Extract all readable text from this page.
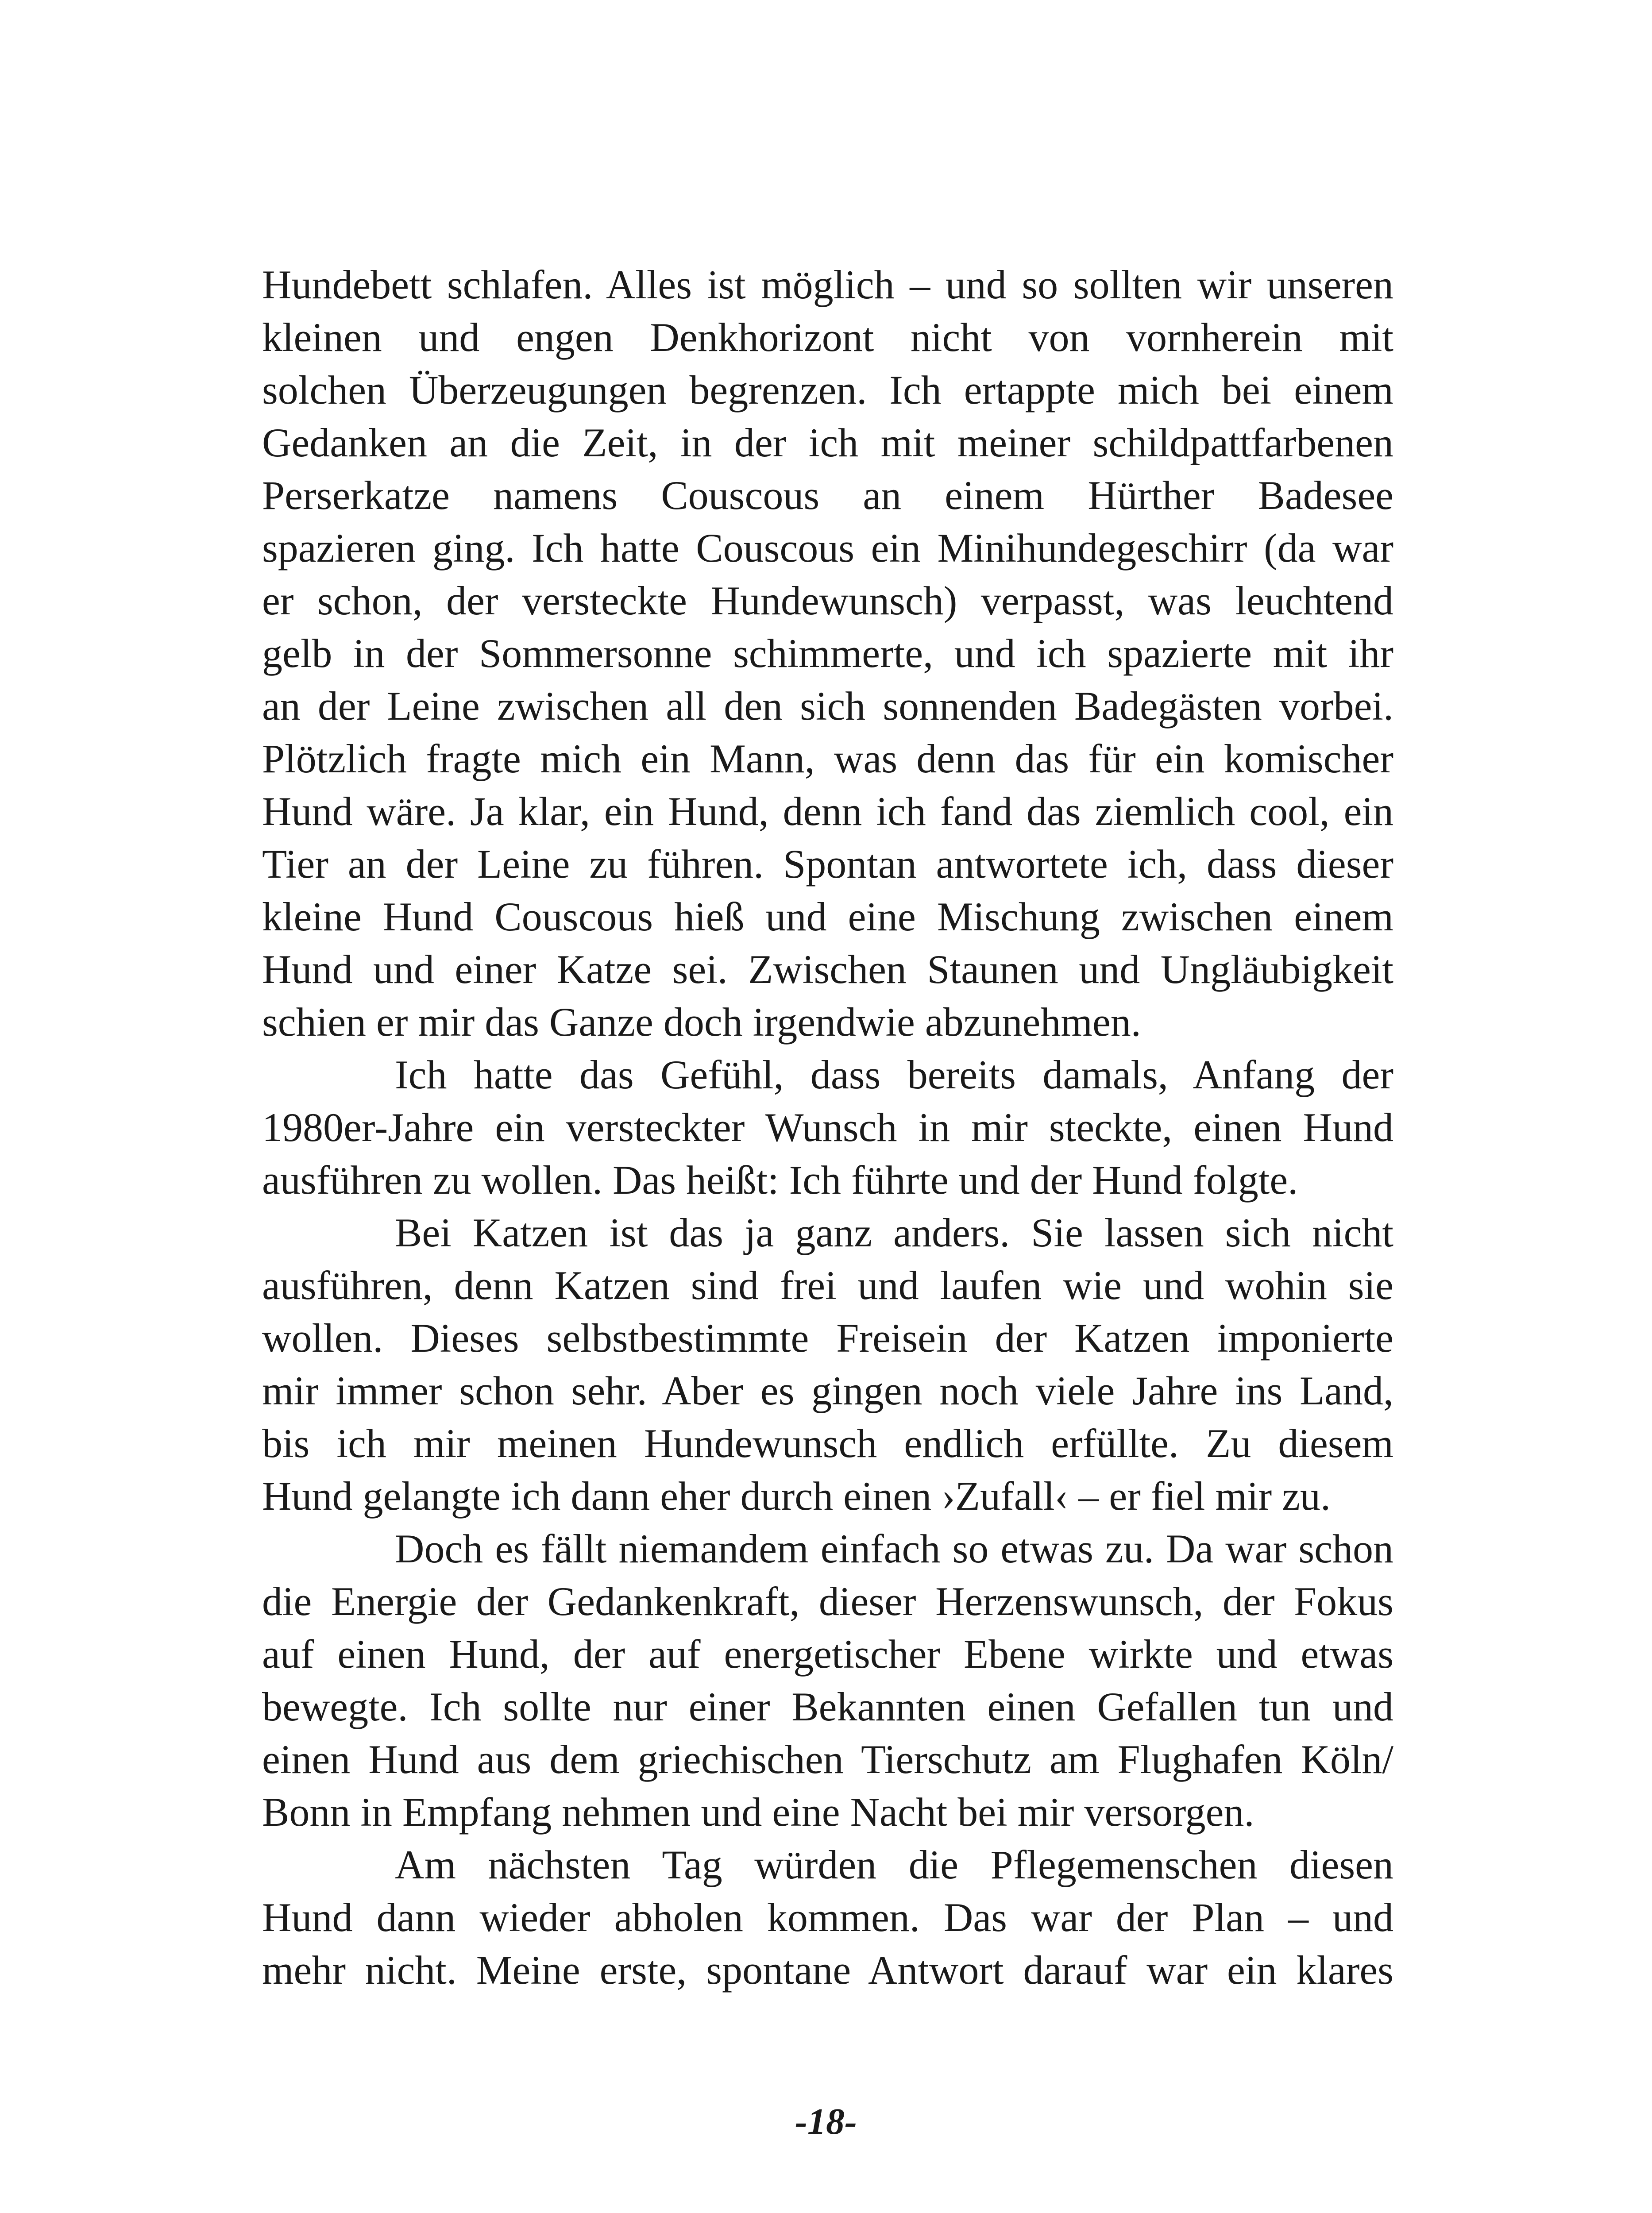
Hundebett schlafen. Alles ist möglich – und so sollten wir unseren
kleinen und engen Denkhorizont nicht von vornherein mit
solchen Überzeugungen begrenzen. Ich ertappte mich bei einem
Gedanken an die Zeit, in der ich mit meiner schildpattfarbenen
Perserkatze namens Couscous an einem Hürther Badesee
spazieren ging. Ich hatte Couscous ein Minihundegeschirr (da war
er schon, der versteckte Hundewunsch) verpasst, was leuchtend
gelb in der Sommersonne schimmerte, und ich spazierte mit ihr
an der Leine zwischen all den sich sonnenden Badegästen vorbei.
Plötzlich fragte mich ein Mann, was denn das für ein komischer
Hund wäre. Ja klar, ein Hund, denn ich fand das ziemlich cool, ein
Tier an der Leine zu führen. Spontan antwortete ich, dass dieser
kleine Hund Couscous hieß und eine Mischung zwischen einem
Hund und einer Katze sei. Zwischen Staunen und Ungläubigkeit
schien er mir das Ganze doch irgendwie abzunehmen.
Ich hatte das Gefühl, dass bereits damals, Anfang der
1980er-Jahre ein versteckter Wunsch in mir steckte, einen Hund
ausführen zu wollen. Das heißt: Ich führte und der Hund folgte.
Bei Katzen ist das ja ganz anders. Sie lassen sich nicht
ausführen, denn Katzen sind frei und laufen wie und wohin sie
wollen. Dieses selbstbestimmte Freisein der Katzen imponierte
mir immer schon sehr. Aber es gingen noch viele Jahre ins Land,
bis ich mir meinen Hundewunsch endlich erfüllte. Zu diesem
Hund gelangte ich dann eher durch einen ›Zufall‹ – er fiel mir zu.
Doch es fällt niemandem einfach so etwas zu. Da war schon
die Energie der Gedankenkraft, dieser Herzenswunsch, der Fokus
auf einen Hund, der auf energetischer Ebene wirkte und etwas
bewegte. Ich sollte nur einer Bekannten einen Gefallen tun und
einen Hund aus dem griechischen Tierschutz am Flughafen Köln/
Bonn in Empfang nehmen und eine Nacht bei mir versorgen.
Am nächsten Tag würden die Pflegemenschen diesen
Hund dann wieder abholen kommen. Das war der Plan – und
mehr nicht. Meine erste, spontane Antwort darauf war ein klares
-18-
